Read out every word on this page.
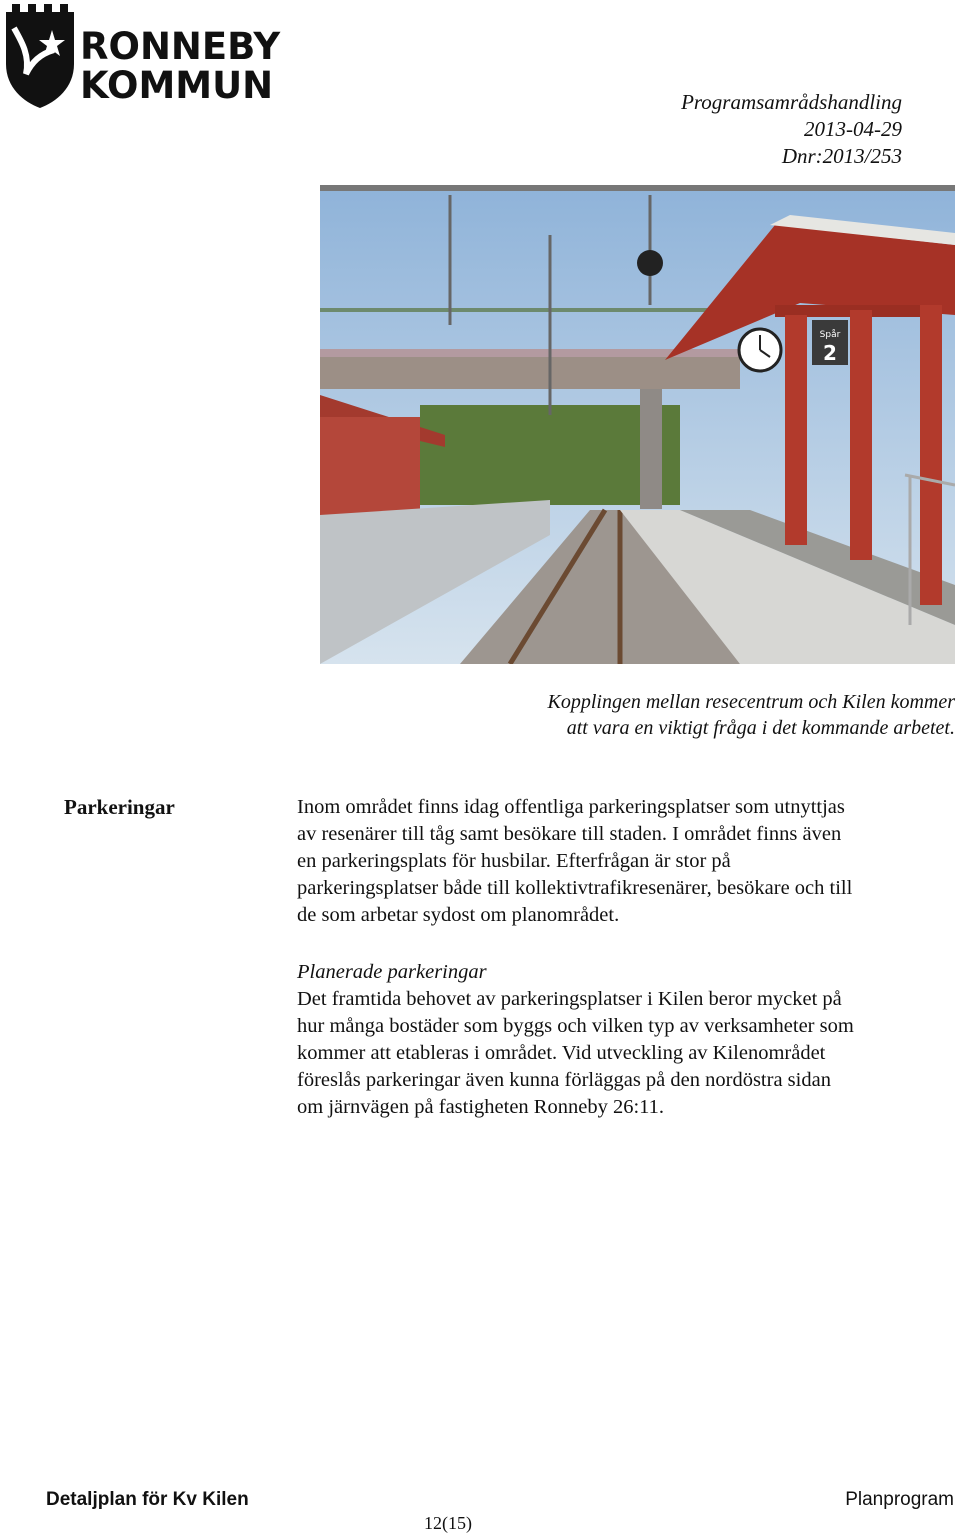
RONNEBY
KOMMUN	Programsamrådshandling
2013-04-29
Dnr:2013/253
Spår
2
Kopplingen mellan resecentrum och Kilen kommer
att vara en viktigt fråga i det kommande arbetet.
Parkeringar	Inom området finns idag offentliga parkeringsplatser som utnyttjas
av resenärer till tåg samt besökare till staden. I området finns även
en parkeringsplats för husbilar. Efterfrågan är stor på
parkeringsplatser både till kollektivtrafikresenärer, besökare och till
de som arbetar sydost om planområdet.
Planerade parkeringar
Det framtida behovet av parkeringsplatser i Kilen beror mycket på
hur många bostäder som byggs och vilken typ av verksamheter som
kommer att etableras i området. Vid utveckling av Kilenområdet
föreslås parkeringar även kunna förläggas på den nordöstra sidan
om järnvägen på fastigheten Ronneby 26:11.
Detaljplan för Kv Kilen	Planprogram
12(15)
